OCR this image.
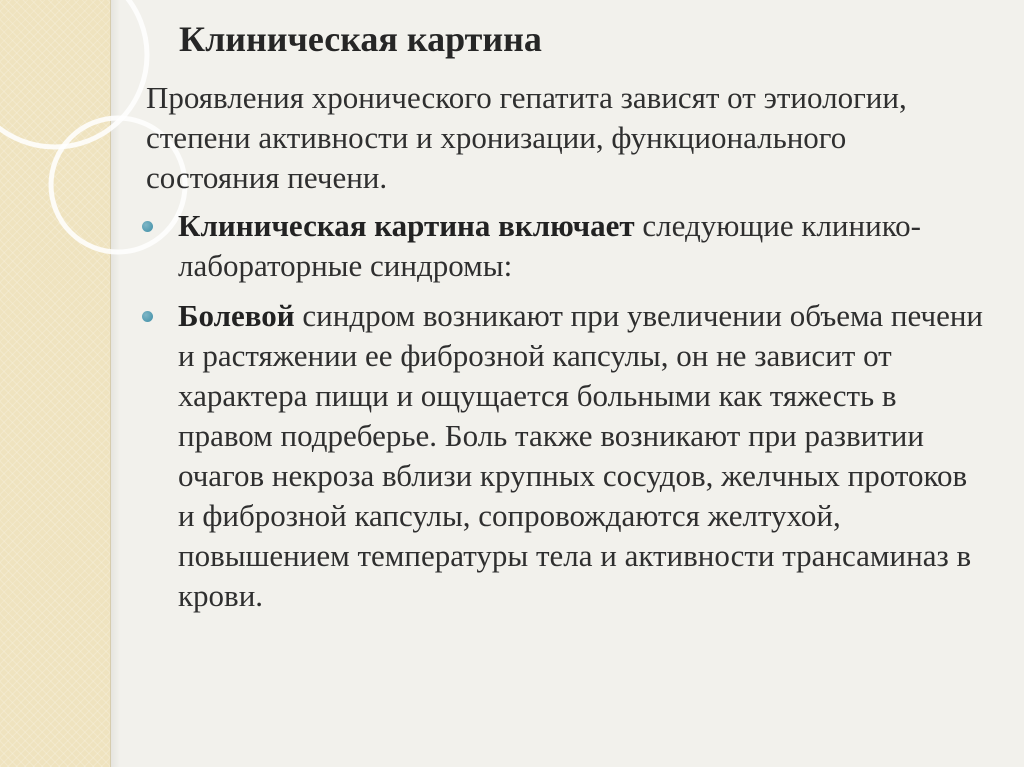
Клиническая картина

Проявления хронического гепатита зависят от этиологии, степени активности и хронизации, функционального состояния печени.

Клиническая картина включает следующие клинико-лабораторные синдромы:
Болевой синдром возникают при увеличении объема печени и растяжении ее фиброзной капсулы, он не зависит от характера пищи и ощущается больными как тяжесть в правом подреберье. Боль также возникают при развитии очагов некроза вблизи крупных сосудов, желчных протоков и фиброзной капсулы, сопровождаются желтухой, повышением температуры тела и активности трансаминаз в крови.
